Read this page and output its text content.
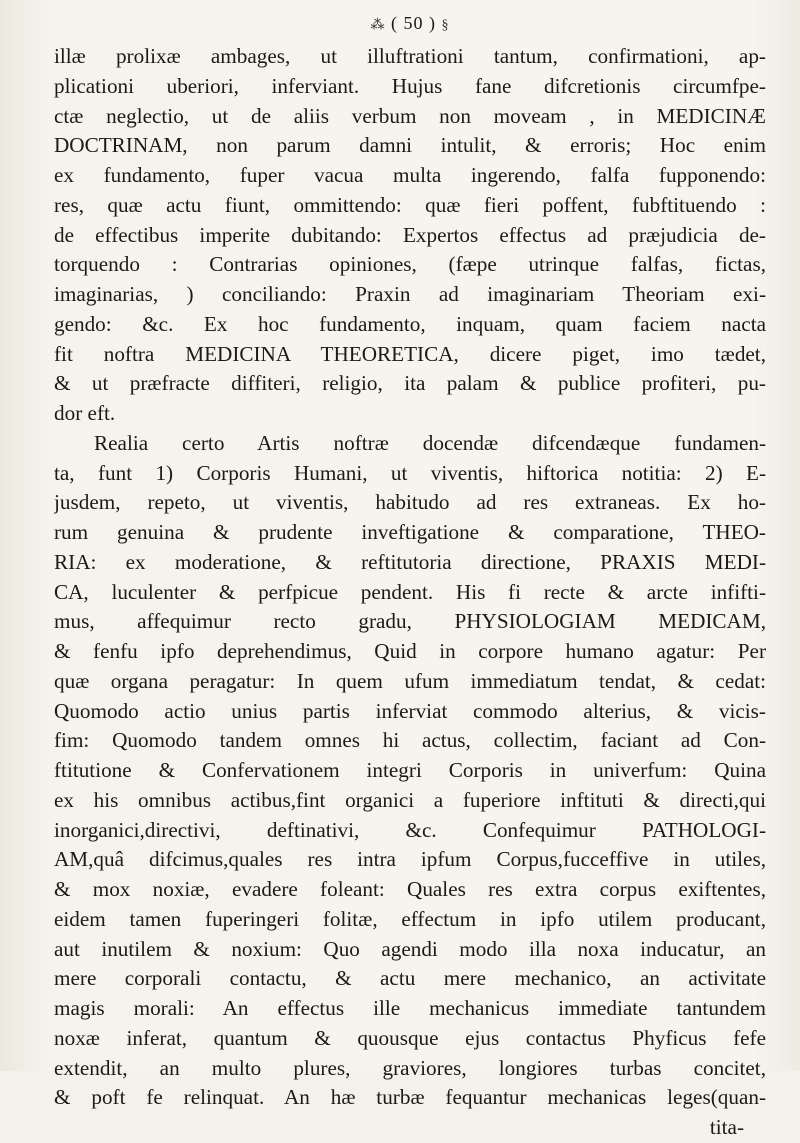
⁂ ( 50 ) §
illæ prolixæ ambages, ut illuftrationi tantum, confirmationi, ap-
plicationi uberiori, inferviant. Hujus fane difcretionis circumfpe-
ctæ neglectio, ut de aliis verbum non moveam , in MEDICINÆ
DOCTRINAM, non parum damni intulit, & erroris; Hoc enim
ex fundamento, fuper vacua multa ingerendo, falfa fupponendo:
res, quæ actu fiunt, ommittendo: quæ fieri poffent, fubftituendo :
de effectibus imperite dubitando: Expertos effectus ad præjudicia de-
torquendo : Contrarias opiniones, (fæpe utrinque falfas, fictas,
imaginarias, ) conciliando: Praxin ad imaginariam Theoriam exi-
gendo: &c. Ex hoc fundamento, inquam, quam faciem nacta
fit noftra MEDICINA THEORETICA, dicere piget, imo tædet,
& ut præfracte diffiteri, religio, ita palam & publice profiteri, pu-
dor eft.
Realia certo Artis noftræ docendæ difcendæque fundamen-
ta, funt 1) Corporis Humani, ut viventis, hiftorica notitia: 2) E-
jusdem, repeto, ut viventis, habitudo ad res extraneas. Ex ho-
rum genuina & prudente inveftigatione & comparatione, THEO-
RIA: ex moderatione, & reftitutoria directione, PRAXIS MEDI-
CA, luculenter & perfpicue pendent. His fi recte & arcte infifti-
mus, affequimur recto gradu, PHYSIOLOGIAM MEDICAM,
& fenfu ipfo deprehendimus, Quid in corpore humano agatur: Per
quæ organa peragatur: In quem ufum immediatum tendat, & cedat:
Quomodo actio unius partis inferviat commodo alterius, & vicis-
fim: Quomodo tandem omnes hi actus, collectim, faciant ad Con-
ftitutione & Confervationem integri Corporis in univerfum: Quina
ex his omnibus actibus,fint organici a fuperiore inftituti & directi,qui
inorganici,directivi, deftinativi, &c. Confequimur PATHOLOGI-
AM,quâ difcimus,quales res intra ipfum Corpus,fucceffive in utiles,
& mox noxiæ, evadere foleant: Quales res extra corpus exiftentes,
eidem tamen fuperingeri folitæ, effectum in ipfo utilem producant,
aut inutilem & noxium: Quo agendi modo illa noxa inducatur, an
mere corporali contactu, & actu mere mechanico, an activitate
magis morali: An effectus ille mechanicus immediate tantundem
noxæ inferat, quantum & quousque ejus contactus Phyficus fefe
extendit, an multo plures, graviores, longiores turbas concitet,
& poft fe relinquat. An hæ turbæ fequantur mechanicas leges(quan-
tita-
